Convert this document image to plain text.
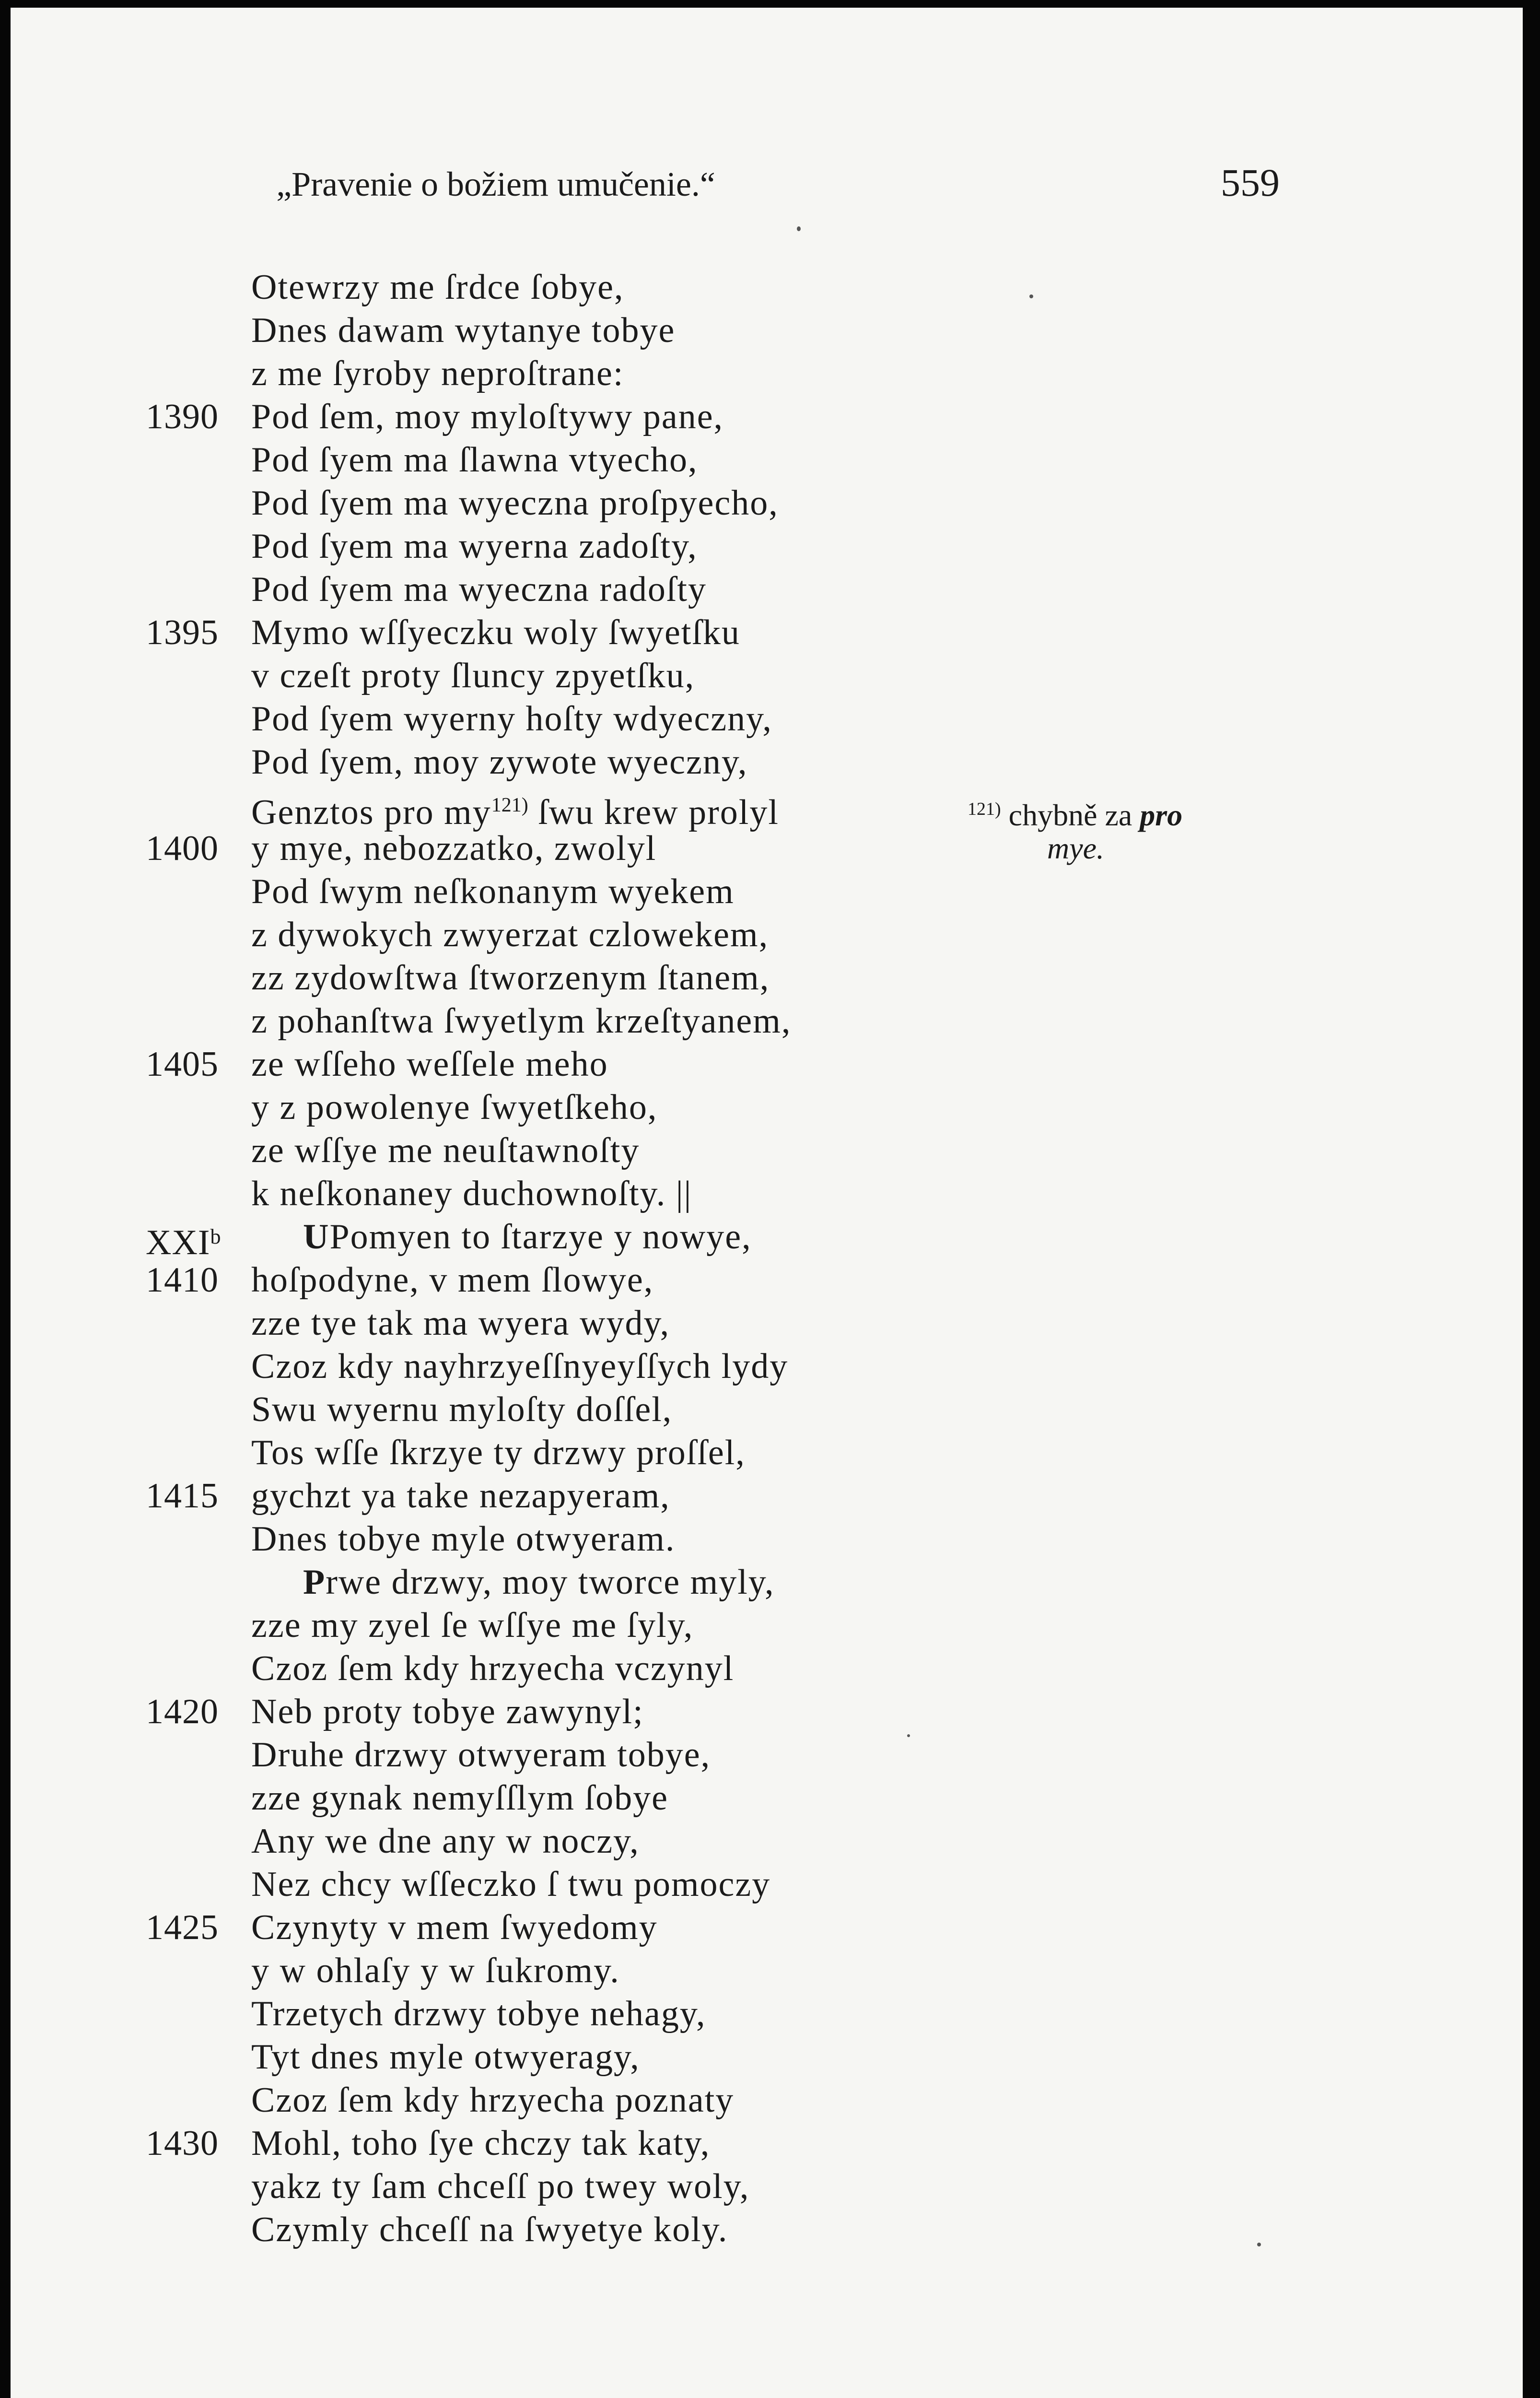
„Pravenie o božiem umučenie.“	559
Otewrzy me ſrdce ſobye,
Dnes dawam wytanye tobye
z me ſyroby neproſtrane:
1390 Pod ſem, moy myloſtywy pane,
Pod ſyem ma ſlawna vtyecho,
Pod ſyem ma wyeczna proſpyecho,
Pod ſyem ma wyerna zadoſty,
Pod ſyem ma wyeczna radoſty
1395 Mymo wſſyeczku woly ſwyetſku
v czeſt proty ſluncy zpyetſku,
Pod ſyem wyerny hoſty wdyeczny,
Pod ſyem, moy zywote wyeczny,
Genztos pro $my^{121)}$ ſwu krew prolyl
1400 y mye, nebozzatko, zwolyl
Pod ſwym neſkonanym wyekem
z dywokych zwyerzat czlowekem,
zz zydowſtwa ſtworzenym ſtanem,
z pohanſtwa ſwyetlym krzeſtyanem,
1405 ze wſſeho weſſele meho
y z powolenye ſwyetſkeho,
ze wſſye me neuſtawnoſty
k neſkonaney duchownoſty. ||
XXI$^b$ UPomyen to ſtarzye y nowye,
1410 hoſpodyne, v mem ſlowye,
zze tye tak ma wyera wydy,
Czoz kdy nayhrzyeſſnyeyſſych lydy
Swu wyernu myloſty doſſel,
Tos wſſe ſkrzye ty drzwy proſſel,
1415 gychzt ya take nezapyeram,
Dnes tobye myle otwyeram.
Prwe drzwy, moy tworce myly,
zze my zyel ſe wſſye me ſyly,
Czoz ſem kdy hrzyecha vczynyl
1420 Neb proty tobye zawynyl;
Druhe drzwy otwyeram tobye,
zze gynak nemyſſlym ſobye
Any we dne any w noczy,
Nez chcy wſſeczko ſ twu pomoczy
1425 Czynyty v mem ſwyedomy
y w ohlaſy y w ſukromy.
Trzetych drzwy tobye nehagy,
Tyt dnes myle otwyeragy,
Czoz ſem kdy hrzyecha poznaty
1430 Mohl, toho ſye chczy tak katy,
yakz ty ſam chceſſ po twey woly,
Czymly chceſſ na ſwyetye koly.
$^{121)}$ chybně za pro
mye.
